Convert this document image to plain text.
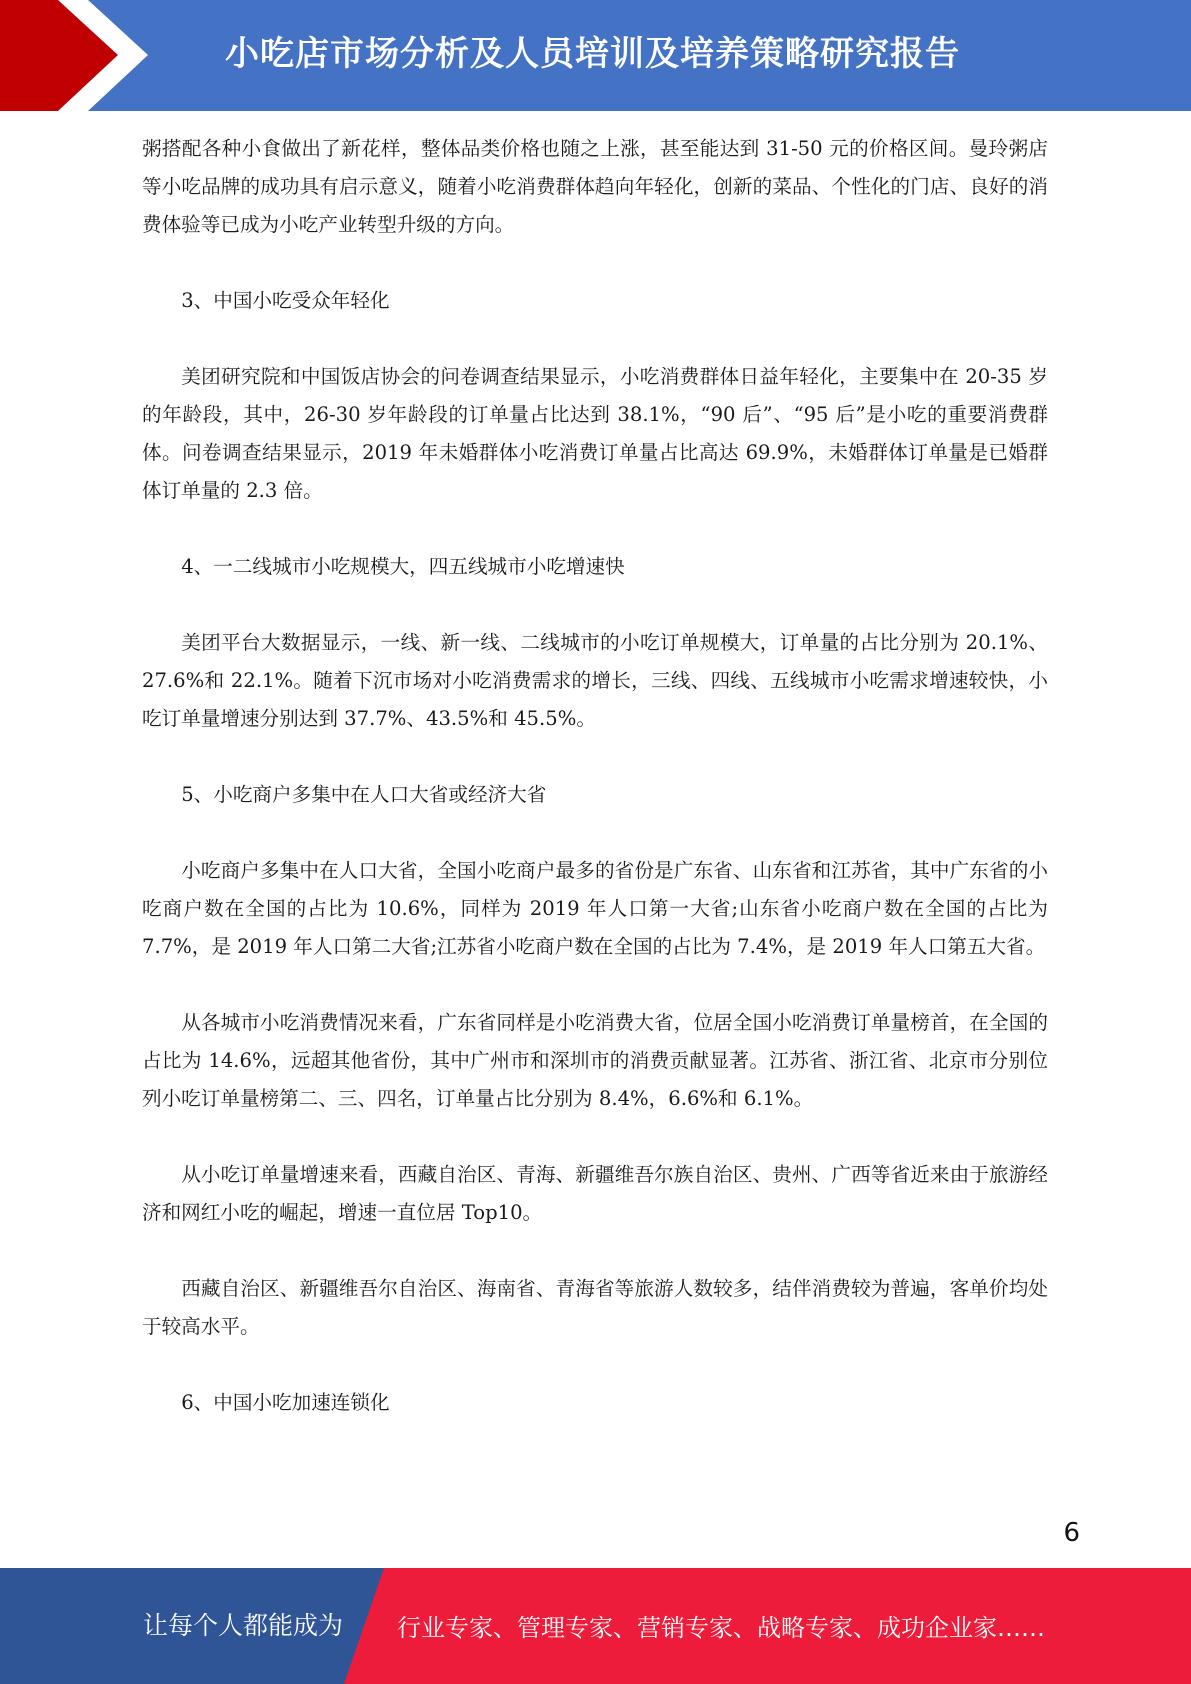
小吃店市场分析及人员培训及培养策略研究报告

粥搭配各种小食做出了新花样，整体品类价格也随之上涨，甚至能达到 31-50 元的价格区间。曼玲粥店等小吃品牌的成功具有启示意义，随着小吃消费群体趋向年轻化，创新的菜品、个性化的门店、良好的消费体验等已成为小吃产业转型升级的方向。

3、中国小吃受众年轻化

美团研究院和中国饭店协会的问卷调查结果显示，小吃消费群体日益年轻化，主要集中在 20-35 岁的年龄段，其中，26-30 岁年龄段的订单量占比达到 38.1%，“90 后”、“95 后”是小吃的重要消费群体。问卷调查结果显示，2019 年未婚群体小吃消费订单量占比高达 69.9%，未婚群体订单量是已婚群体订单量的 2.3 倍。

4、一二线城市小吃规模大，四五线城市小吃增速快

美团平台大数据显示，一线、新一线、二线城市的小吃订单规模大，订单量的占比分别为 20.1%、27.6%和 22.1%。随着下沉市场对小吃消费需求的增长，三线、四线、五线城市小吃需求增速较快，小吃订单量增速分别达到 37.7%、43.5%和 45.5%。

5、小吃商户多集中在人口大省或经济大省

小吃商户多集中在人口大省，全国小吃商户最多的省份是广东省、山东省和江苏省，其中广东省的小吃商户数在全国的占比为 10.6%，同样为 2019 年人口第一大省;山东省小吃商户数在全国的占比为 7.7%，是 2019 年人口第二大省;江苏省小吃商户数在全国的占比为 7.4%，是 2019 年人口第五大省。

从各城市小吃消费情况来看，广东省同样是小吃消费大省，位居全国小吃消费订单量榜首，在全国的占比为 14.6%，远超其他省份，其中广州市和深圳市的消费贡献显著。江苏省、浙江省、北京市分别位列小吃订单量榜第二、三、四名，订单量占比分别为 8.4%，6.6%和 6.1%。

从小吃订单量增速来看，西藏自治区、青海、新疆维吾尔族自治区、贵州、广西等省近来由于旅游经济和网红小吃的崛起，增速一直位居 Top10。

西藏自治区、新疆维吾尔自治区、海南省、青海省等旅游人数较多，结伴消费较为普遍，客单价均处于较高水平。

6、中国小吃加速连锁化

6
让每个人都能成为 行业专家、管理专家、营销专家、战略专家、成功企业家……
